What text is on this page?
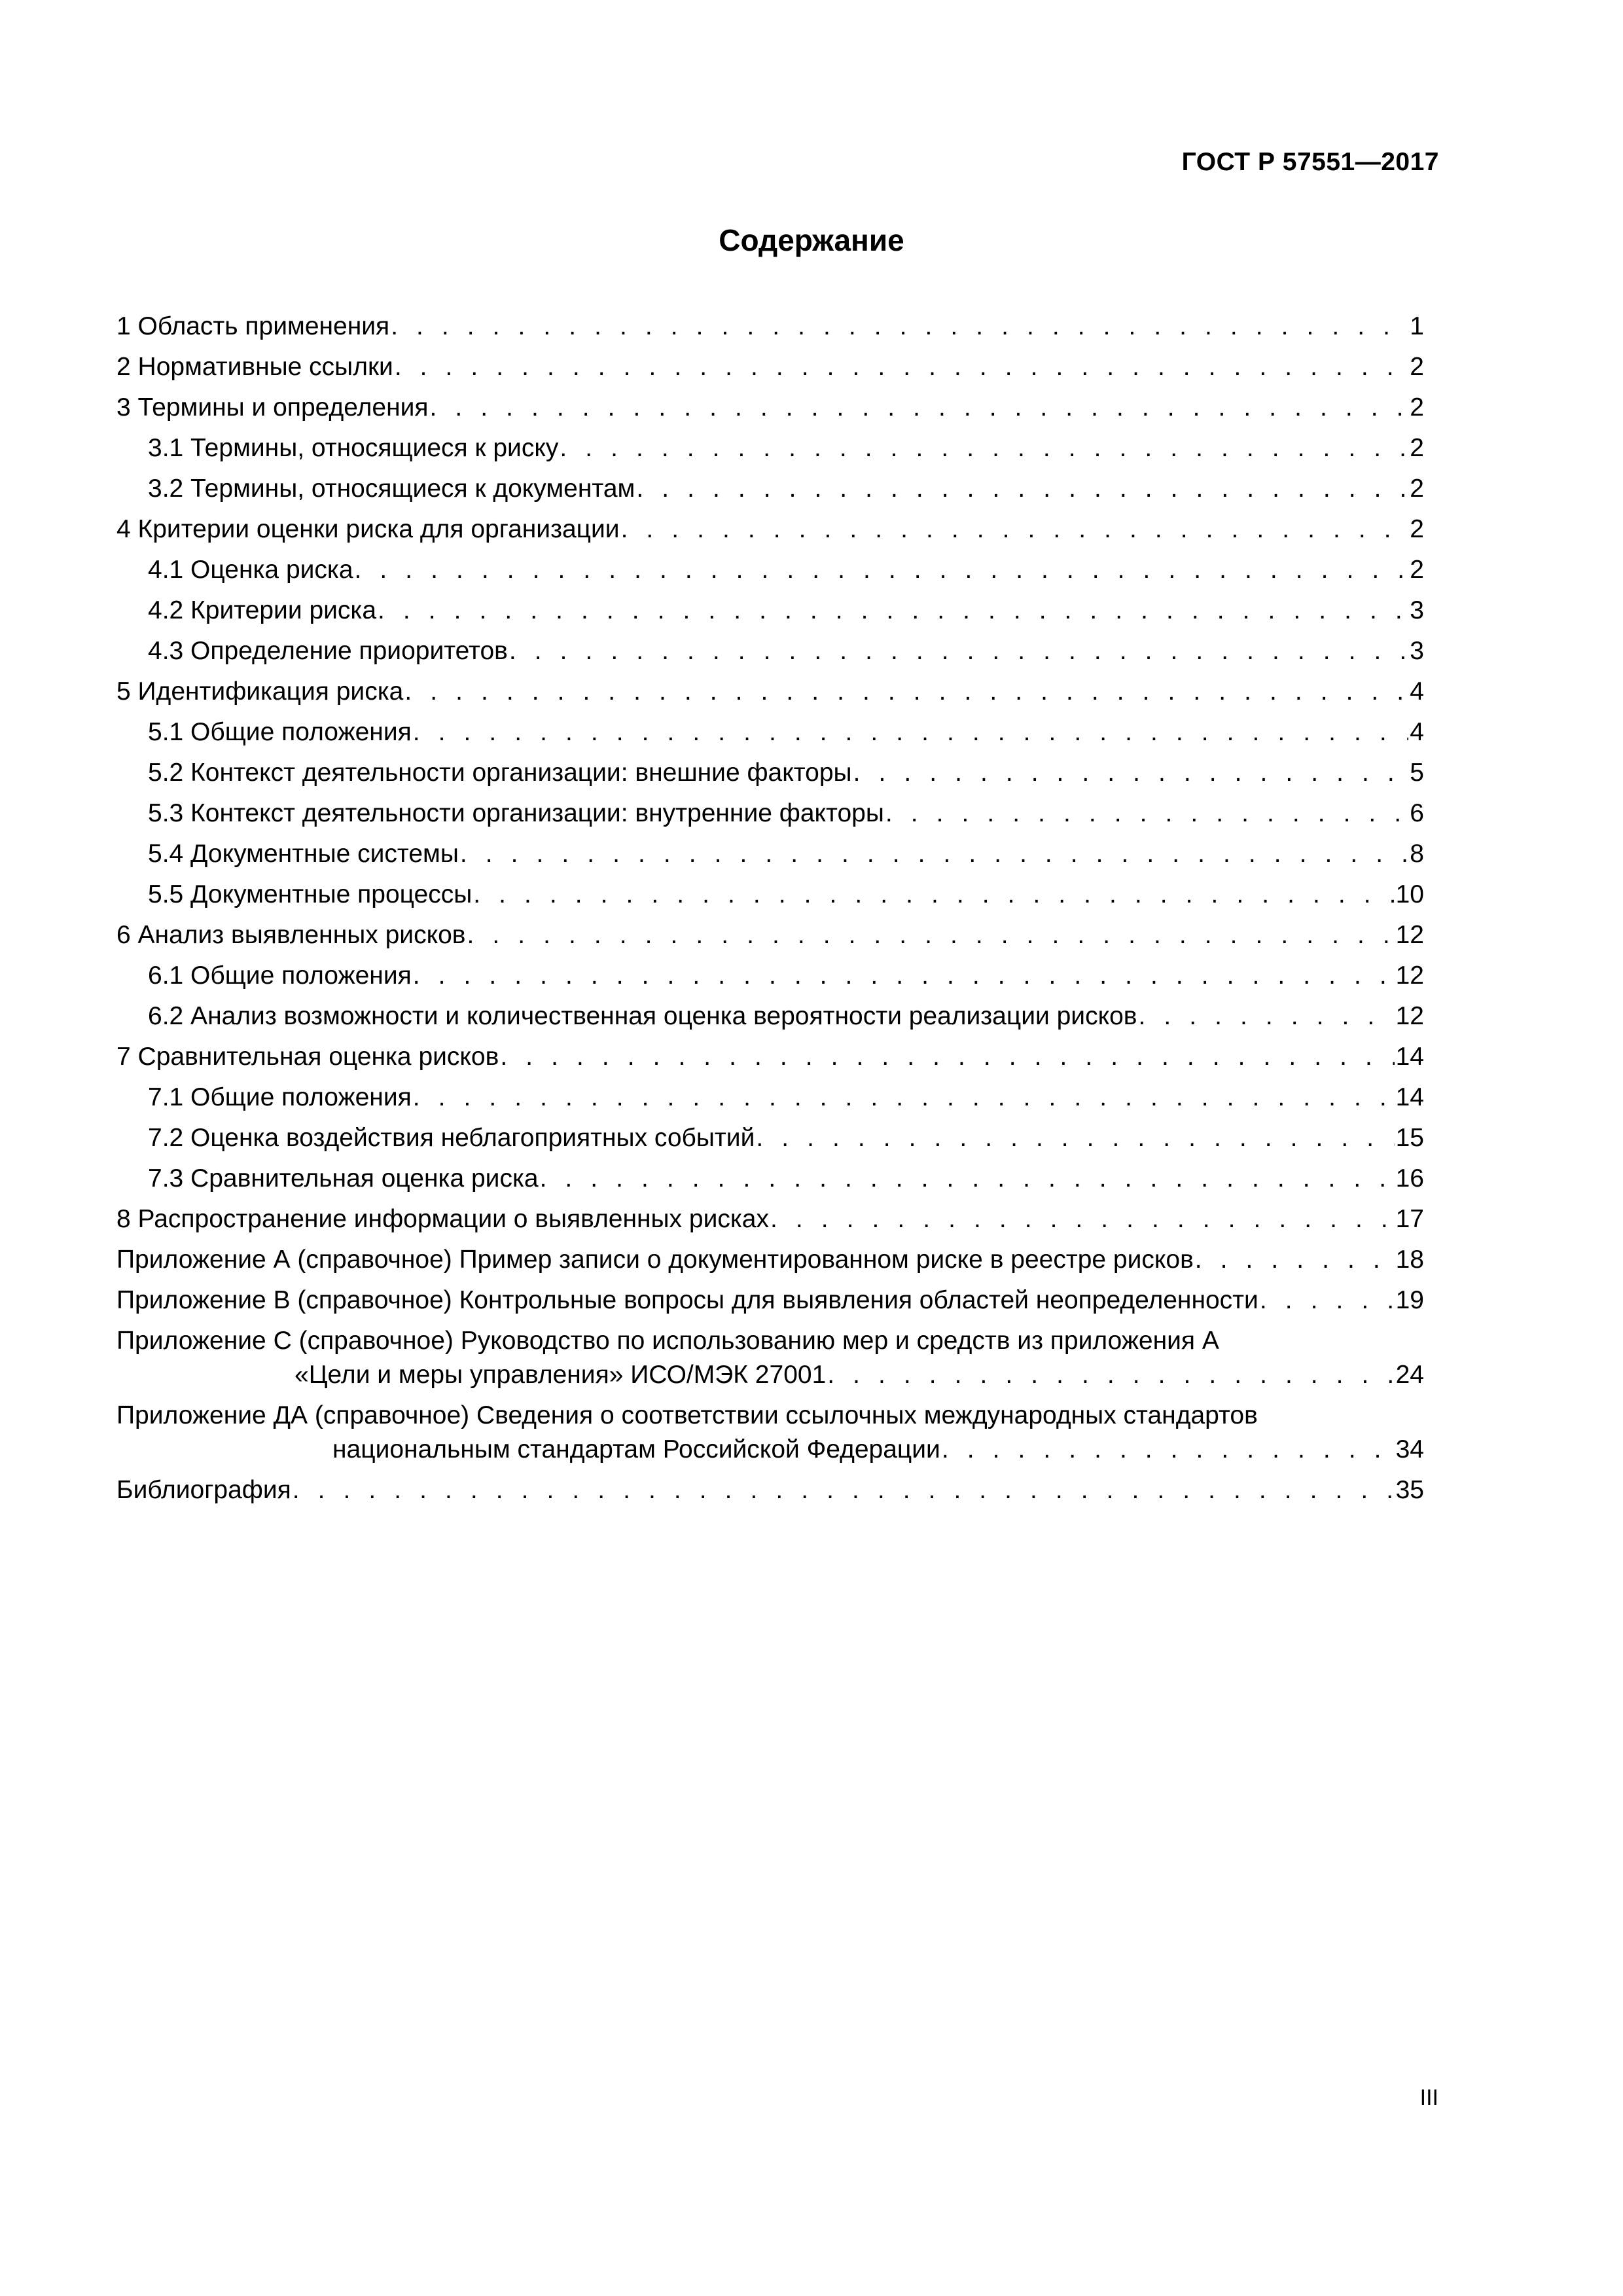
ГОСТ Р 57551—2017
Содержание
1 Область применения . . .	1
2 Нормативные ссылки . . .	2
3 Термины и определения . . .	2
3.1 Термины, относящиеся к риску . . .	2
3.2 Термины, относящиеся к документам . . .	2
4 Критерии оценки риска для организации . . .	2
4.1 Оценка риска . . .	2
4.2 Критерии риска . . .	3
4.3 Определение приоритетов . . .	3
5 Идентификация риска . . .	4
5.1 Общие положения . . .	4
5.2 Контекст деятельности организации: внешние факторы . . .	5
5.3 Контекст деятельности организации: внутренние факторы . . .	6
5.4 Документные системы . . .	8
5.5 Документные процессы . . .	10
6 Анализ выявленных рисков . . .	12
6.1 Общие положения . . .	12
6.2 Анализ возможности и количественная оценка вероятности реализации рисков . . .	12
7 Сравнительная оценка рисков . . .	14
7.1 Общие положения . . .	14
7.2 Оценка воздействия неблагоприятных событий . . .	15
7.3 Сравнительная оценка риска . . .	16
8 Распространение информации о выявленных рисках . . .	17
Приложение А (справочное) Пример записи о документированном риске в реестре рисков . . .	18
Приложение В (справочное) Контрольные вопросы для выявления областей неопределенности . . .	19
Приложение С (справочное) Руководство по использованию мер и средств из приложения А
«Цели и меры управления» ИСО/МЭК 27001 . . .	24
Приложение ДА (справочное) Сведения о соответствии ссылочных международных стандартов
национальным стандартам Российской Федерации . . .	34
Библиография . . .	35
III
